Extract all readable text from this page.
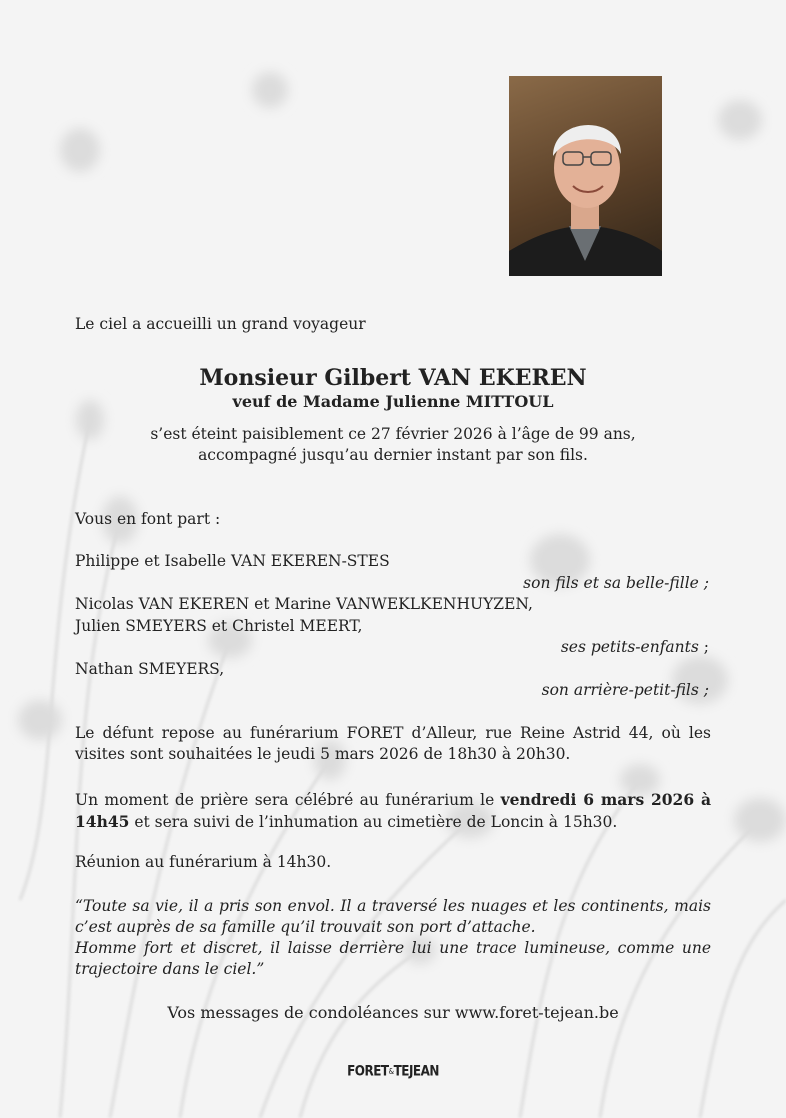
Le ciel a accueilli un grand voyageur
Monsieur Gilbert VAN EKEREN
veuf de Madame Julienne MITTOUL
s’est éteint paisiblement ce 27 février 2026 à l’âge de 99 ans,
accompagné jusqu’au dernier instant par son fils.
Vous en font part :
Philippe et Isabelle VAN EKEREN-STES
son fils et sa belle-fille ;
Nicolas VAN EKEREN et Marine VANWEKLKENHUYZEN,
Julien SMEYERS et Christel MEERT,
ses petits-enfants ;
Nathan SMEYERS,
son arrière-petit-fils ;
Le défunt repose au funérarium FORET d’Alleur, rue Reine Astrid 44, où les visites sont souhaitées le jeudi 5 mars 2026 de 18h30 à 20h30.
Un moment de prière sera célébré au funérarium le vendredi 6 mars 2026 à 14h45 et sera suivi de l’inhumation au cimetière de Loncin à 15h30.
Réunion au funérarium à 14h30.
“Toute sa vie, il a pris son envol. Il a traversé les nuages et les continents, mais c’est auprès de sa famille qu’il trouvait son port d’attache.
Homme fort et discret, il laisse derrière lui une trace lumineuse, comme une trajectoire dans le ciel.”
Vos messages de condoléances sur www.foret-tejean.be
FORET&TEJEAN
